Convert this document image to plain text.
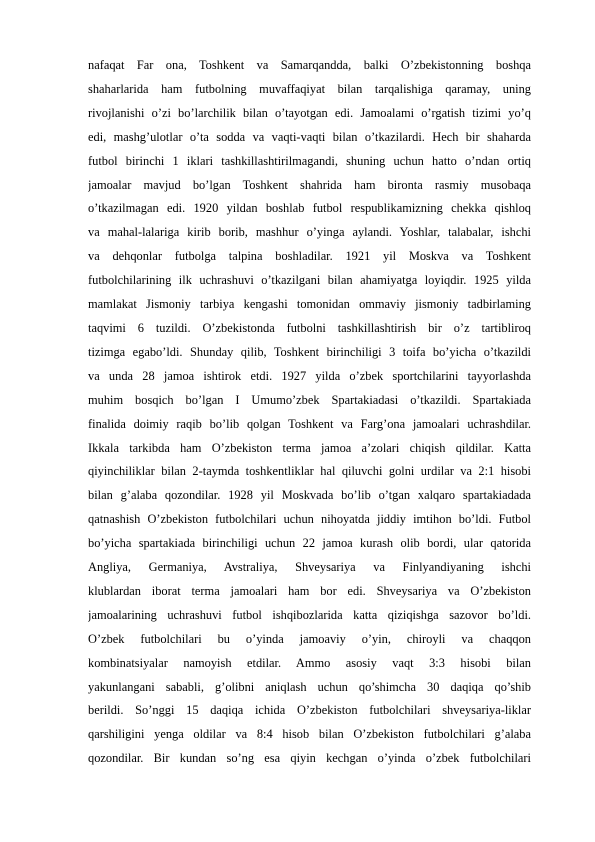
nafaqat Far ona, Toshkent va Samarqandda, balki O’zbekistonning boshqa
shaharlarida ham futbolning muvaffaqiyat bilan tarqalishiga qaramay, uning
rivojlanishi o’zi bo’larchilik bilan o’tayotgan edi. Jamoalami o’rgatish tizimi yo’q
edi, mashg’ulotlar o’ta sodda va vaqti-vaqti bilan o’tkazilardi. Hech bir shaharda
futbol birinchi 1 iklari tashkillashtirilmagandi, shuning uchun hatto o’ndan ortiq
jamoalar mavjud bo’lgan Toshkent shahrida ham bironta rasmiy musobaqa
o’tkazilmagan edi. 1920 yildan boshlab futbol respublikamizning chekka qishloq
va mahal-lalariga kirib borib, mashhur o’yinga aylandi. Yoshlar, talabalar, ishchi
va dehqonlar futbolga talpina boshladilar. 1921 yil Moskva va Toshkent
futbolchilarining ilk uchrashuvi o’tkazilgani bilan ahamiyatga loyiqdir. 1925 yilda
mamlakat Jismoniy tarbiya kengashi tomonidan ommaviy jismoniy tadbirlaming
taqvimi 6 tuzildi. O’zbekistonda futbolni tashkillashtirish bir o’z tartibliroq
tizimga egabo’ldi. Shunday qilib, Toshkent birinchiligi 3 toifa bo’yicha o’tkazildi
va unda 28 jamoa ishtirok etdi. 1927 yilda o’zbek sportchilarini tayyorlashda
muhim bosqich bo’lgan I Umumo’zbek Spartakiadasi o’tkazildi. Spartakiada
finalida doimiy raqib bo’lib qolgan Toshkent va Farg’ona jamoalari uchrashdilar.
Ikkala tarkibda ham O’zbekiston terma jamoa a’zolari chiqish qildilar. Katta
qiyinchiliklar bilan 2-taymda toshkentliklar hal qiluvchi golni urdilar va 2:1 hisobi
bilan g’alaba qozondilar. 1928 yil Moskvada bo’lib o’tgan xalqaro spartakiadada
qatnashish O’zbekiston futbolchilari uchun nihoyatda jiddiy imtihon bo’ldi. Futbol
bo’yicha spartakiada birinchiligi uchun 22 jamoa kurash olib bordi, ular qatorida
Angliya, Germaniya, Avstraliya, Shveysariya va Finlyandiyaning ishchi
klublardan iborat terma jamoalari ham bor edi. Shveysariya va O’zbekiston
jamoalarining uchrashuvi futbol ishqibozlarida katta qiziqishga sazovor bo’ldi.
O’zbek futbolchilari bu o’yinda jamoaviy o’yin, chiroyli va chaqqon
kombinatsiyalar namoyish etdilar. Ammo asosiy vaqt 3:3 hisobi bilan
yakunlangani sababli, g’olibni aniqlash uchun qo’shimcha 30 daqiqa qo’shib
berildi. So’nggi 15 daqiqa ichida O’zbekiston futbolchilari shveysariya-liklar
qarshiligini yenga oldilar va 8:4 hisob bilan O’zbekiston futbolchilari g’alaba
qozondilar. Bir kundan so’ng esa qiyin kechgan o’yinda o’zbek futbolchilari
